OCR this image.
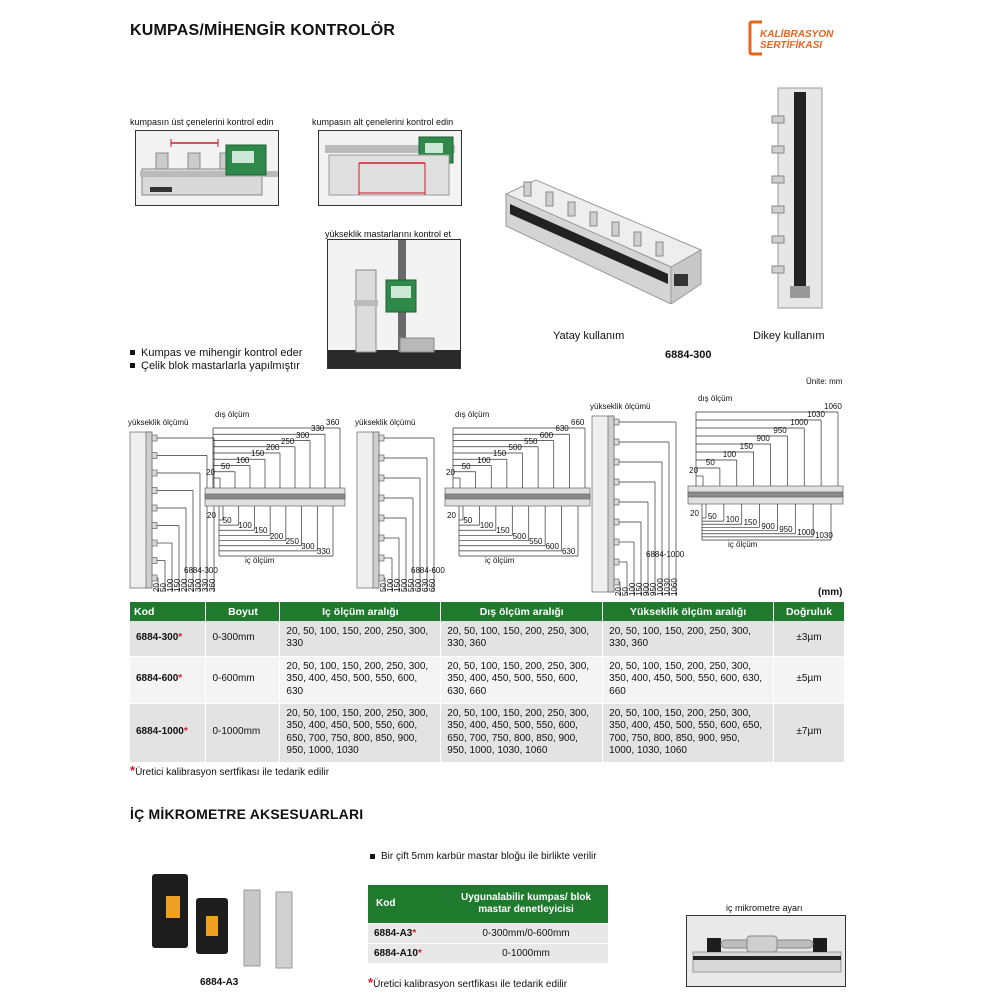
KUMPAS/MİHENGİR KONTROLÖR	KALİBRASYON
SERTİFİKASI
kumpasın üst çenelerini kontrol edin	kumpasın alt çenelerini kontrol edin
yükseklik mastarlarını kontrol et
Yatay kullanım	Dikey kullanım
6884-300
Kumpas ve mihengir kontrol eder
Çelik blok mastarlarla yapılmıştır
Ünite: mm
20
50
100
150
200
250
300
330
360
yükseklik ölçümü	360
330
300
250
200
150
100
50
20
dış ölçüm
330
300
250
200
150
100
50
20
iç ölçüm
6884-300
50
100
150
500
550
600
630
660
yükseklik ölçümü	660
630
600
550
500
150
100
50
20
dış ölçüm
630
600
550
500
150
100
50
20
iç ölçüm
6884-600
20
50
100
150
900
950
1000
1030
1060
yükseklik ölçümü	1060
1030
1000
950
900
150
100
50
20
dış ölçüm
1030
1000
950
900
150
100
50
20
iç ölçüm
6884-1000
(mm)
Kod	Boyut	Iç ölçüm aralığı	Dış ölçüm aralığı	Yükseklik ölçüm aralığı	Doğruluk
6884-300*	0-300mm	20, 50, 100, 150, 200, 250, 300, 330	20, 50, 100, 150, 200, 250, 300, 330, 360	20, 50, 100, 150, 200, 250, 300, 330, 360	±3µm
6884-600*	0-600mm	20, 50, 100, 150, 200, 250, 300, 350, 400, 450, 500, 550, 600, 630	20, 50, 100, 150, 200, 250, 300, 350, 400, 450, 500, 550, 600, 630, 660	20, 50, 100, 150, 200, 250, 300, 350, 400, 450, 500, 550, 600, 630, 660	±5µm
6884-1000*	0-1000mm	20, 50, 100, 150, 200, 250, 300, 350, 400, 450, 500, 550, 600, 650, 700, 750, 800, 850, 900, 950, 1000, 1030	20, 50, 100, 150, 200, 250, 300, 350, 400, 450, 500, 550, 600, 650, 700, 750, 800, 850, 900, 950, 1000, 1030, 1060	20, 50, 100, 150, 200, 250, 300, 350, 400, 450, 500, 550, 600, 650, 700, 750, 800, 850, 900, 950, 1000, 1030, 1060	±7µm
*Üretici kalibrasyon sertfikası ile tedarik edilir
İÇ MİKROMETRE AKSESUARLARI
Bir çift 5mm karbür mastar bloğu ile birlikte verilir
6884-A3
Kod	Uygunalabilir kumpas/ blok mastar denetleyicisi
6884-A3*	0-300mm/0-600mm
6884-A10*	0-1000mm
*Üretici kalibrasyon sertfikası ile tedarik edilir
iç mikrometre ayarı
